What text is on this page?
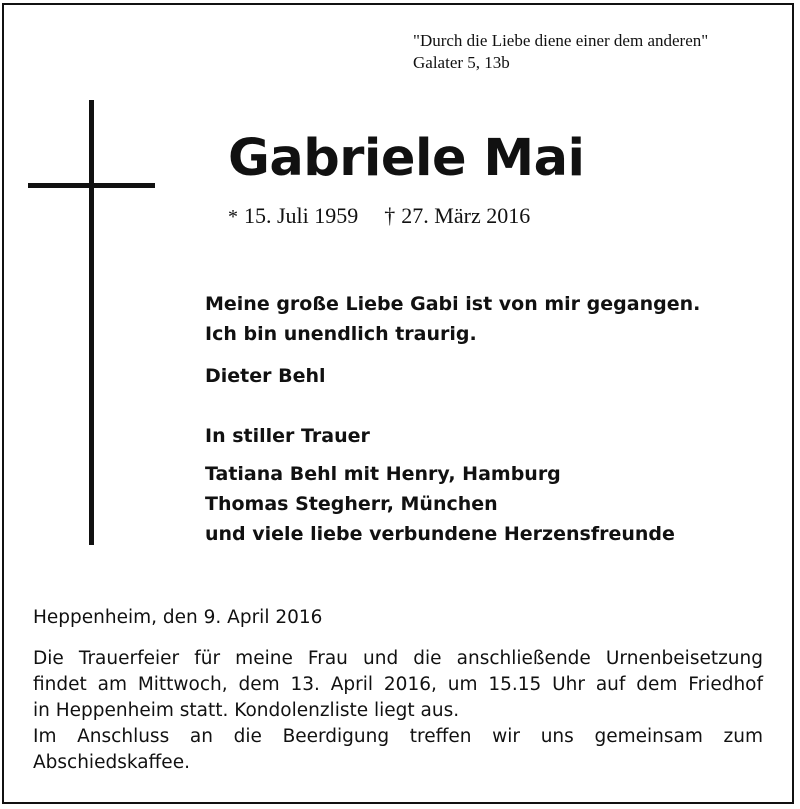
"Durch die Liebe diene einer dem anderen"
Galater 5, 13b
Gabriele Mai
* 15. Juli 1959 † 27. März 2016
Meine große Liebe Gabi ist von mir gegangen.
Ich bin unendlich traurig.
Dieter Behl
In stiller Trauer
Tatiana Behl mit Henry, Hamburg
Thomas Stegherr, München
und viele liebe verbundene Herzensfreunde
Heppenheim, den 9. April 2016
Die Trauerfeier für meine Frau und die anschließende Urnenbeisetzung
findet am Mittwoch, dem 13. April 2016, um 15.15 Uhr auf dem Friedhof
in Heppenheim statt. Kondolenzliste liegt aus.
Im Anschluss an die Beerdigung treffen wir uns gemeinsam zum
Abschiedskaffee.
